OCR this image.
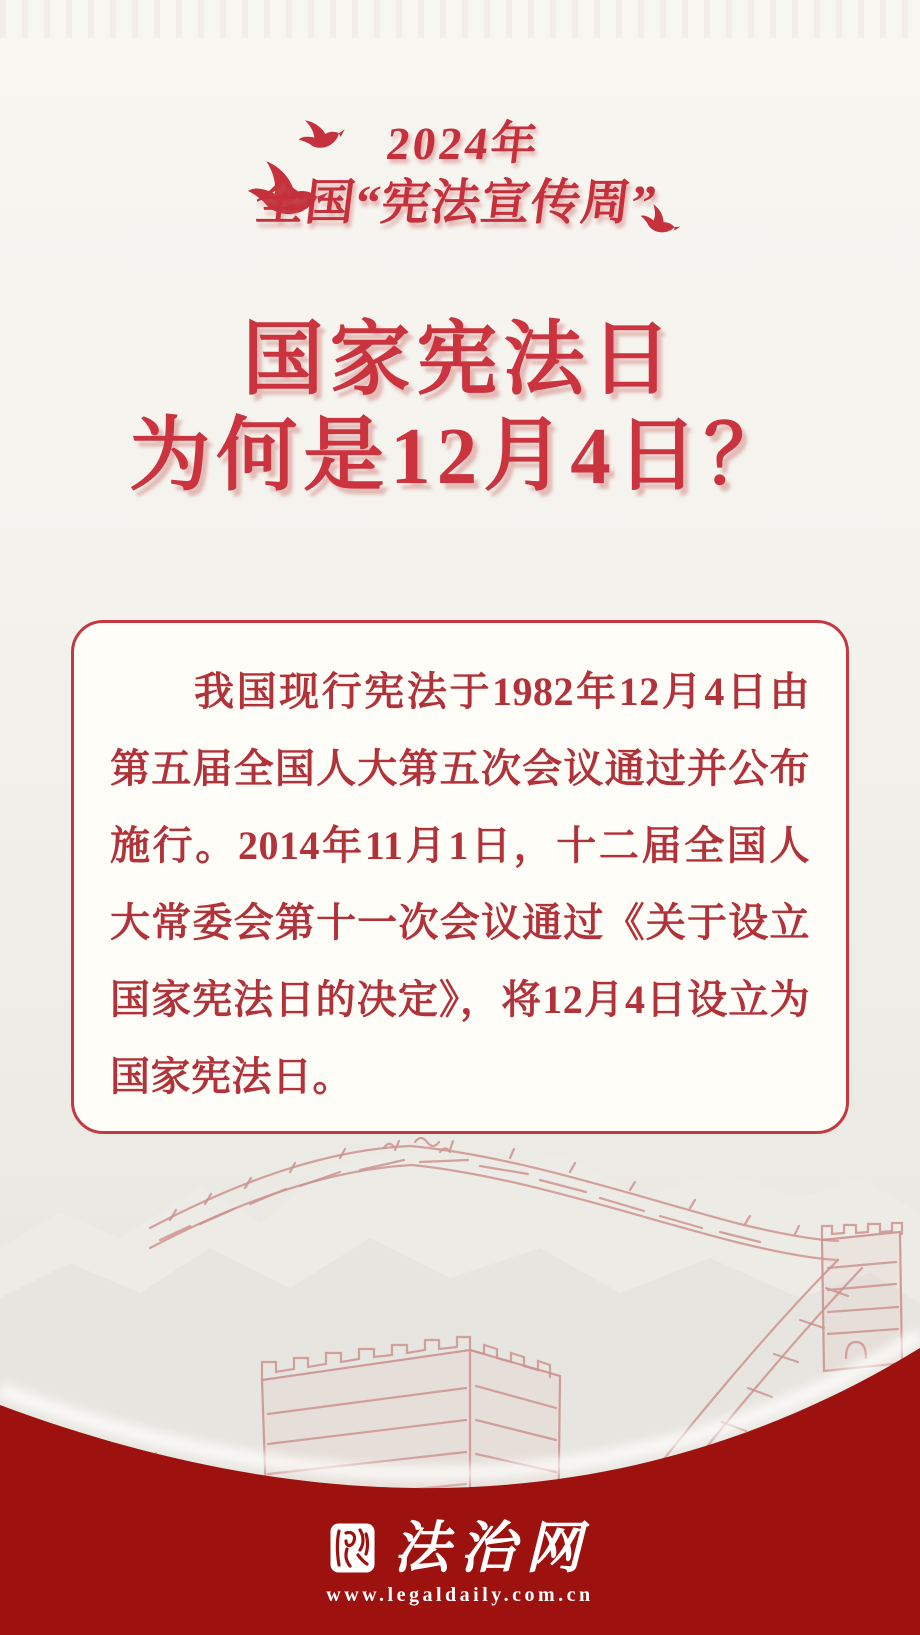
2024年
全国“宪法宣传周”
国家宪法日
为何是12月4日？

我国现行宪法于1982年12月4日由第五届全国人大第五次会议通过并公布施行。2014年11月1日，十二届全国人大常委会第十一次会议通过《关于设立国家宪法日的决定》，将12月4日设立为国家宪法日。

法治网
www.legaldaily.com.cn
